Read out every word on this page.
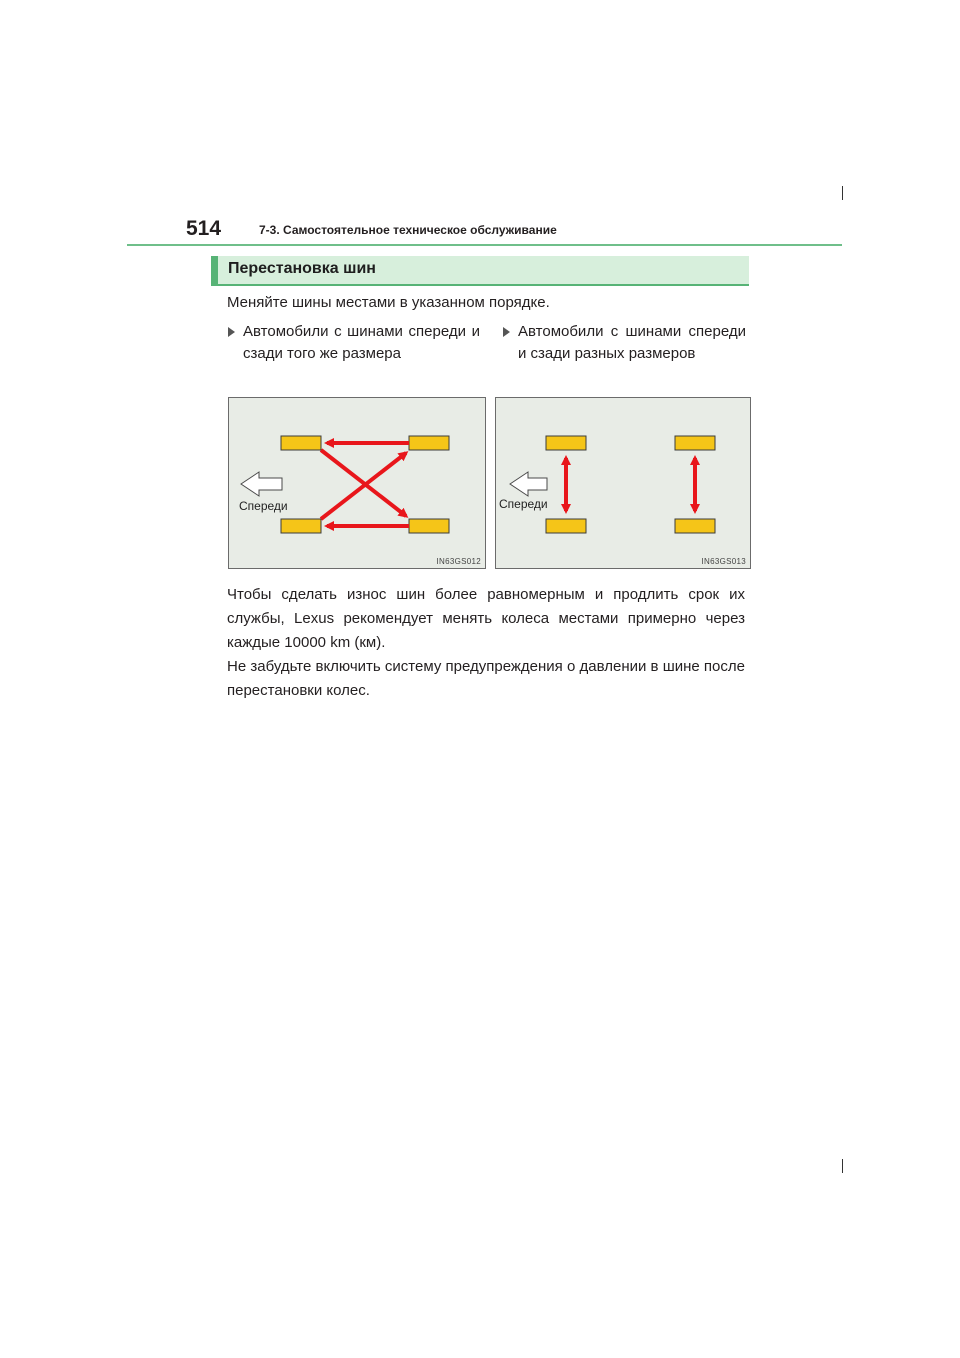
514	7-3. Самостоятельное техническое обслуживание
Перестановка шин
Меняйте шины местами в указанном порядке.
Автомобили с шинами спереди и сзади того же размера
Автомобили с шинами спереди и сзади разных размеров
Спереди
IN63GS012
Спереди
IN63GS013
Чтобы сделать износ шин более равномерным и продлить срок их службы, Lexus рекомендует менять колеса местами примерно через каждые 10000 km (км).
Не забудьте включить систему предупреждения о давлении в шине после перестановки колес.
